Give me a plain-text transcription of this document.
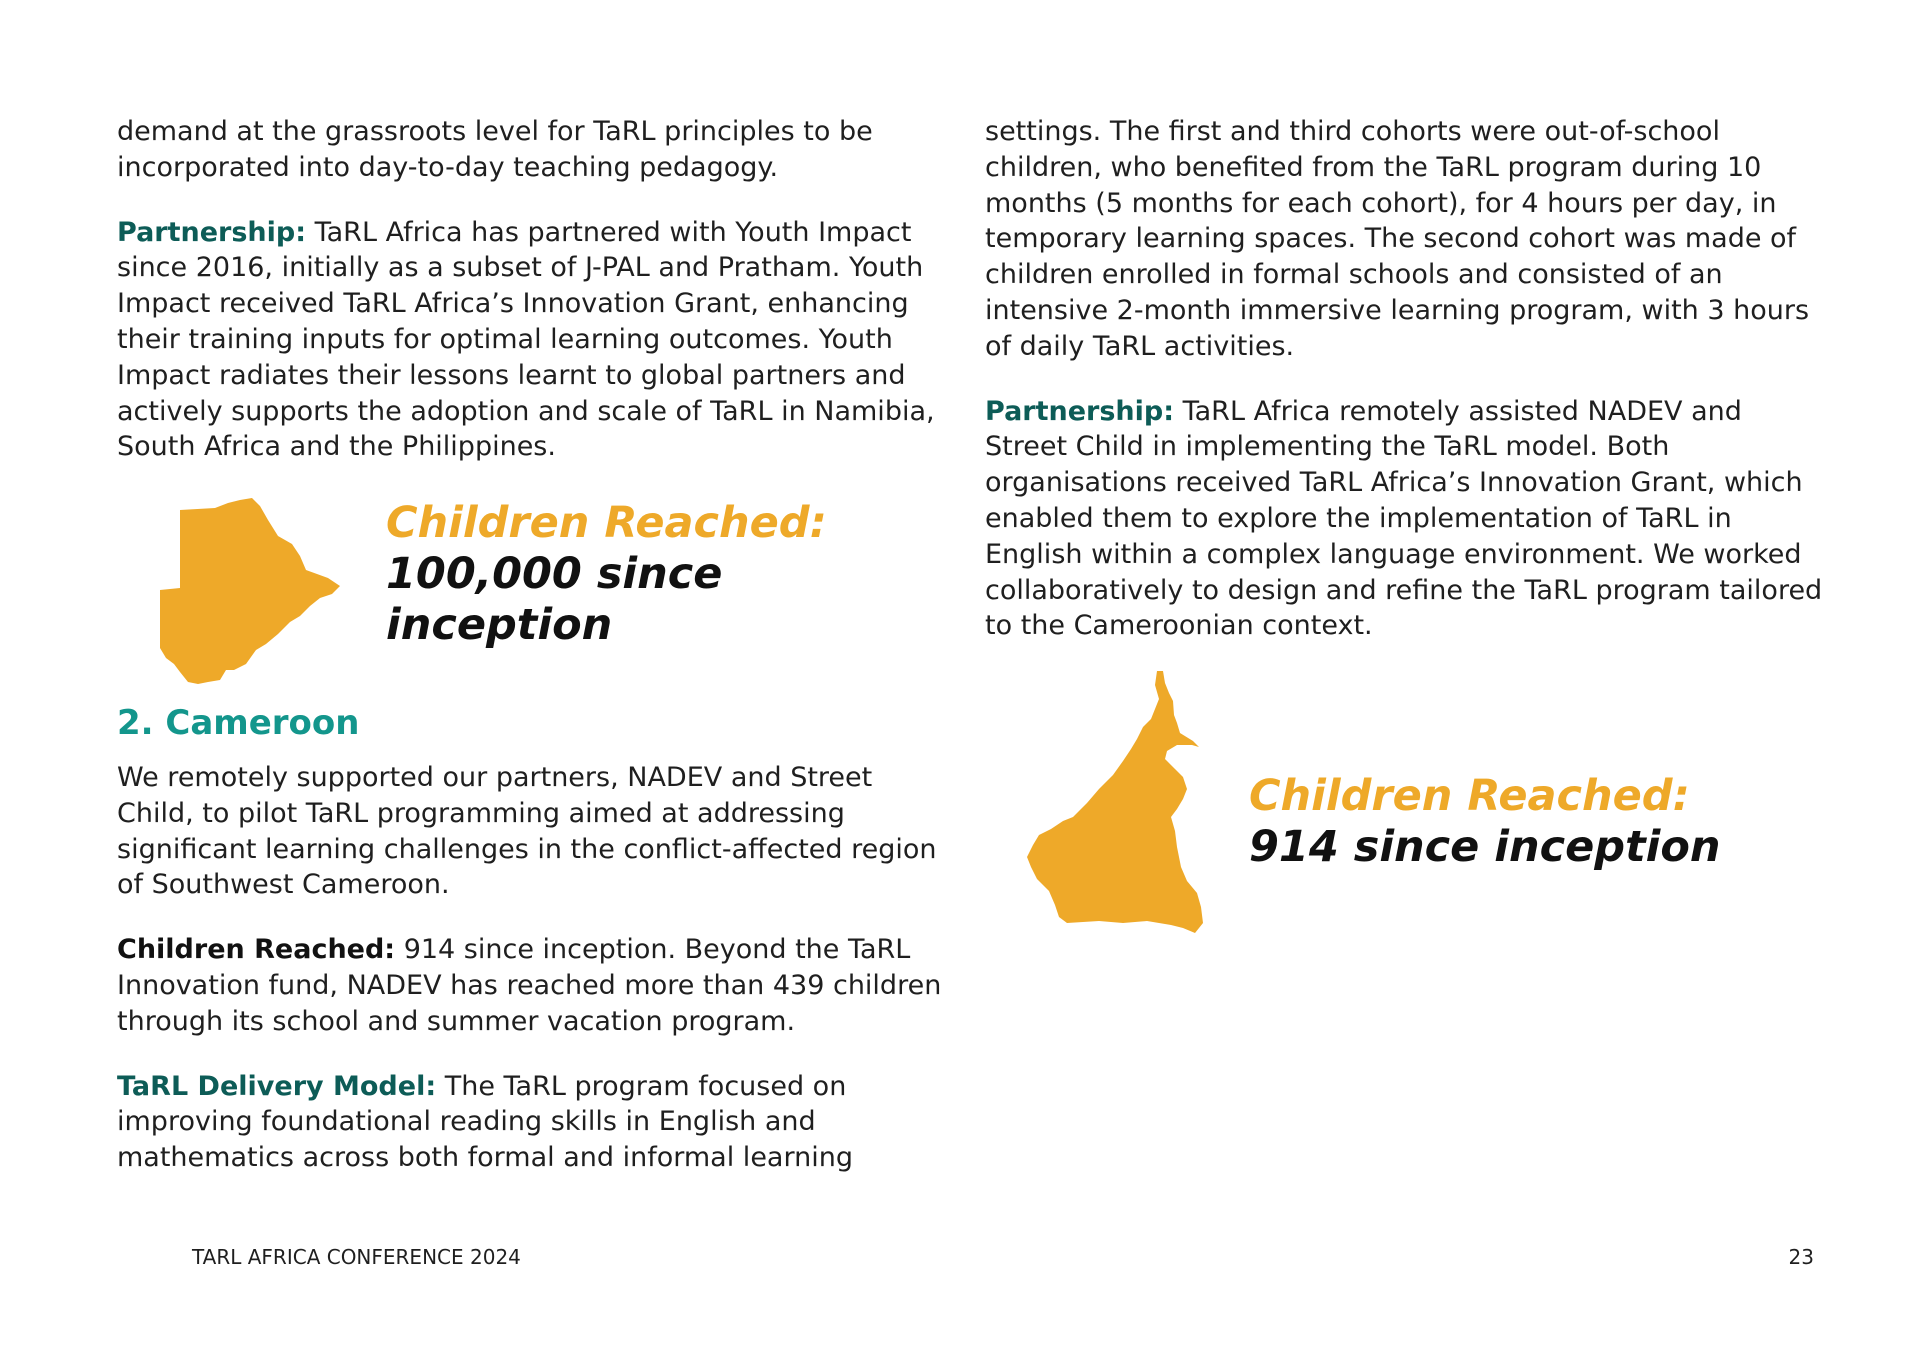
demand at the grassroots level for TaRL principles to be incorporated into day-to-day teaching pedagogy.

Partnership: TaRL Africa has partnered with Youth Impact since 2016, initially as a subset of J-PAL and Pratham. Youth Impact received TaRL Africa’s Innovation Grant, enhancing their training inputs for optimal learning outcomes. Youth Impact radiates their lessons learnt to global partners and actively supports the adoption and scale of TaRL in Namibia, South Africa and the Philippines.

Children Reached:
100,000 since inception
2. Cameroon

We remotely supported our partners, NADEV and Street Child, to pilot TaRL programming aimed at addressing significant learning challenges in the conflict-affected region of Southwest Cameroon.

Children Reached: 914 since inception. Beyond the TaRL Innovation fund, NADEV has reached more than 439 children through its school and summer vacation program.

TaRL Delivery Model: The TaRL program focused on improving foundational reading skills in English and mathematics across both formal and informal learning

settings. The first and third cohorts were out-of-school children, who benefited from the TaRL program during 10 months (5 months for each cohort), for 4 hours per day, in temporary learning spaces. The second cohort was made of children enrolled in formal schools and consisted of an intensive 2-month immersive learning program, with 3 hours of daily TaRL activities.

Partnership: TaRL Africa remotely assisted NADEV and Street Child in implementing the TaRL model. Both organisations received TaRL Africa’s Innovation Grant, which enabled them to explore the implementation of TaRL in English within a complex language environment. We worked collaboratively to design and refine the TaRL program tailored to the Cameroonian context.

Children Reached:
914 since inception
TARL AFRICA CONFERENCE 2024	23
